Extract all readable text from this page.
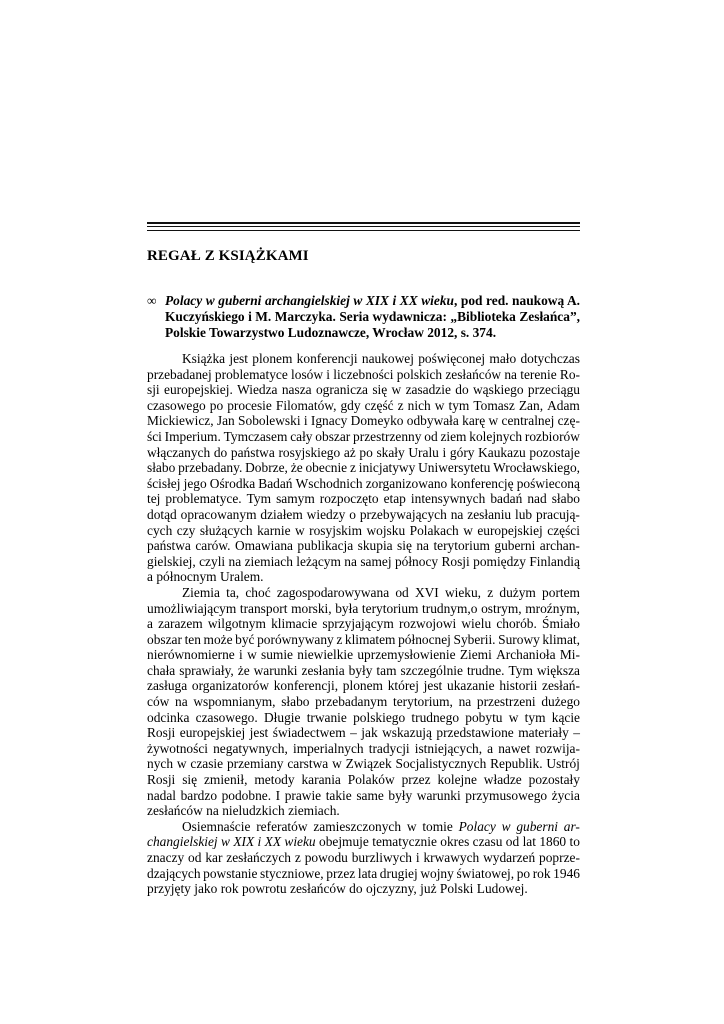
REGAŁ Z KSIĄŻKAMI
∞ Polacy w guberni archangielskiej w XIX i XX wieku, pod red. naukową A. Kuczyńskiego i M. Marczyka. Seria wydawnicza: „Biblioteka Zesłańca”, Polskie Towarzystwo Ludoznawcze, Wrocław 2012, s. 374.
Książka jest plonem konferencji naukowej poświęconej mało dotychczas
przebadanej problematyce losów i liczebności polskich zesłańców na terenie Ro-
sji europejskiej. Wiedza nasza ogranicza się w zasadzie do wąskiego przeciągu
czasowego po procesie Filomatów, gdy część z nich w tym Tomasz Zan, Adam
Mickiewicz, Jan Sobolewski i Ignacy Domeyko odbywała karę w centralnej czę-
ści Imperium. Tymczasem cały obszar przestrzenny od ziem kolejnych rozbiorów
włączanych do państwa rosyjskiego aż po skały Uralu i góry Kaukazu pozostaje
słabo przebadany. Dobrze, że obecnie z inicjatywy Uniwersytetu Wrocławskiego,
ścisłej jego Ośrodka Badań Wschodnich zorganizowano konferencję poświeconą
tej problematyce. Tym samym rozpoczęto etap intensywnych badań nad słabo
dotąd opracowanym działem wiedzy o przebywających na zesłaniu lub pracują-
cych czy służących karnie w rosyjskim wojsku Polakach w europejskiej części
państwa carów. Omawiana publikacja skupia się na terytorium guberni archan-
gielskiej, czyli na ziemiach leżącym na samej północy Rosji pomiędzy Finlandią
a północnym Uralem.
Ziemia ta, choć zagospodarowywana od XVI wieku, z dużym portem
umożliwiającym transport morski, była terytorium trudnym,o ostrym, mroźnym,
a zarazem wilgotnym klimacie sprzyjającym rozwojowi wielu chorób. Śmiało
obszar ten może być porównywany z klimatem północnej Syberii. Surowy klimat,
nierównomierne i w sumie niewielkie uprzemysłowienie Ziemi Archanioła Mi-
chała sprawiały, że warunki zesłania były tam szczególnie trudne. Tym większa
zasługa organizatorów konferencji, plonem której jest ukazanie historii zesłań-
ców na wspomnianym, słabo przebadanym terytorium, na przestrzeni dużego
odcinka czasowego. Długie trwanie polskiego trudnego pobytu w tym kącie
Rosji europejskiej jest świadectwem – jak wskazują przedstawione materiały –
żywotności negatywnych, imperialnych tradycji istniejących, a nawet rozwija-
nych w czasie przemiany carstwa w Związek Socjalistycznych Republik. Ustrój
Rosji się zmienił, metody karania Polaków przez kolejne władze pozostały
nadal bardzo podobne. I prawie takie same były warunki przymusowego życia
zesłańców na nieludzkich ziemiach.
Osiemnaście referatów zamieszczonych w tomie Polacy w guberni ar-
changielskiej w XIX i XX wieku obejmuje tematycznie okres czasu od lat 1860 to
znaczy od kar zesłańczych z powodu burzliwych i krwawych wydarzeń poprze-
dzających powstanie styczniowe, przez lata drugiej wojny światowej, po rok 1946
przyjęty jako rok powrotu zesłańców do ojczyzny, już Polski Ludowej.
